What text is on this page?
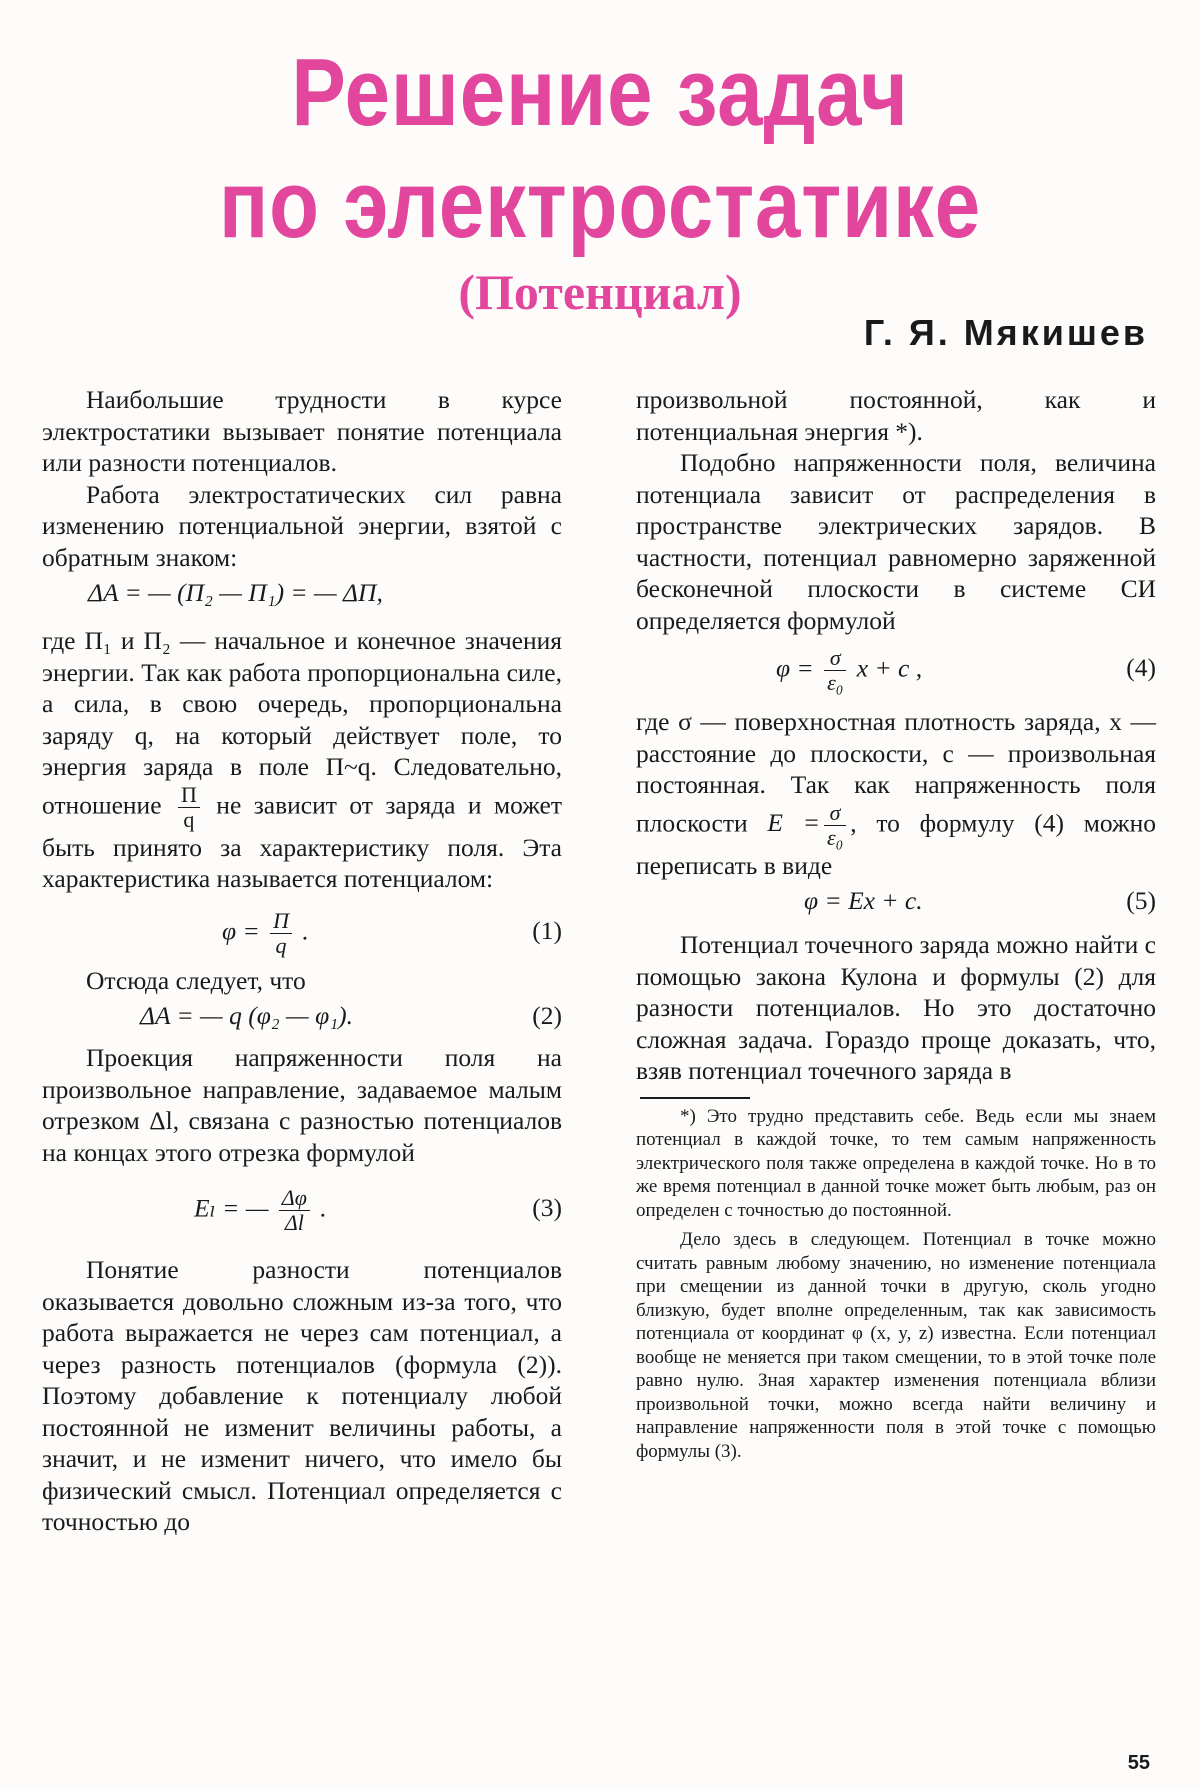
Решение задач
по электростатике
(Потенциал)
Г. Я. Мякишев

Наибольшие трудности в курсе электростатики вызывает понятие потенциала или разности потенциалов.

Работа электростатических сил равна изменению потенциальной энергии, взятой с обратным знаком:

ΔA = — (П₂ — П₁) = — ΔП,

где П₁ и П₂ — начальное и конечное значения энергии. Так как работа пропорциональна силе, а сила, в свою очередь, пропорциональна заряду q, на который действует поле, то энергия заряда в поле П~q. Следовательно, отношение $\frac{П}{q}$ не зависит от заряда и может быть принято за характеристику поля. Эта характеристика называется потенциалом:

$\varphi = \frac{П}{q}$ .	(1)

Отсюда следует, что

ΔA = — q (φ₂ — φ₁).	(2)

Проекция напряженности поля на произвольное направление, задаваемое малым отрезком Δl, связана с разностью потенциалов на концах этого отрезка формулой

Eₗ = — $\frac{\Delta\varphi}{\Delta l}$ .	(3)

Понятие разности потенциалов оказывается довольно сложным из-за того, что работа выражается не через сам потенциал, а через разность потенциалов (формула (2)). Поэтому добавление к потенциалу любой постоянной не изменит величины работы, а значит, и не изменит ничего, что имело бы физический смысл. Потенциал определяется с точностью до

произвольной постоянной, как и потенциальная энергия *).

Подобно напряженности поля, величина потенциала зависит от распределения в пространстве электрических зарядов. В частности, потенциал равномерно заряженной бесконечной плоскости в системе СИ определяется формулой

$\varphi = \frac{\sigma}{\text{ε₀}}$ x + c ,	(4)

где σ — поверхностная плотность заряда, x — расстояние до плоскости, c — произвольная постоянная. Так как напряженность поля плоскости $E = \frac{\sigma}{\text{ε₀}}$ , то формулу (4) можно переписать в виде

φ = Ex + c.	(5)

Потенциал точечного заряда можно найти с помощью закона Кулона и формулы (2) для разности потенциалов. Но это достаточно сложная задача. Гораздо проще доказать, что, взяв потенциал точечного заряда в

*) Это трудно представить себе. Ведь если мы знаем потенциал в каждой точке, то тем самым напряженность электрического поля также определена в каждой точке. Но в то же время потенциал в данной точке может быть любым, раз он определен с точностью до постоянной.

Дело здесь в следующем. Потенциал в точке можно считать равным любому значению, но изменение потенциала при смещении из данной точки в другую, сколь угодно близкую, будет вполне определенным, так как зависимость потенциала от координат φ (x, y, z) известна. Если потенциал вообще не меняется при таком смещении, то в этой точке поле равно нулю. Зная характер изменения потенциала вблизи произвольной точки, можно всегда найти величину и направление напряженности поля в этой точке с помощью формулы (3).

55
